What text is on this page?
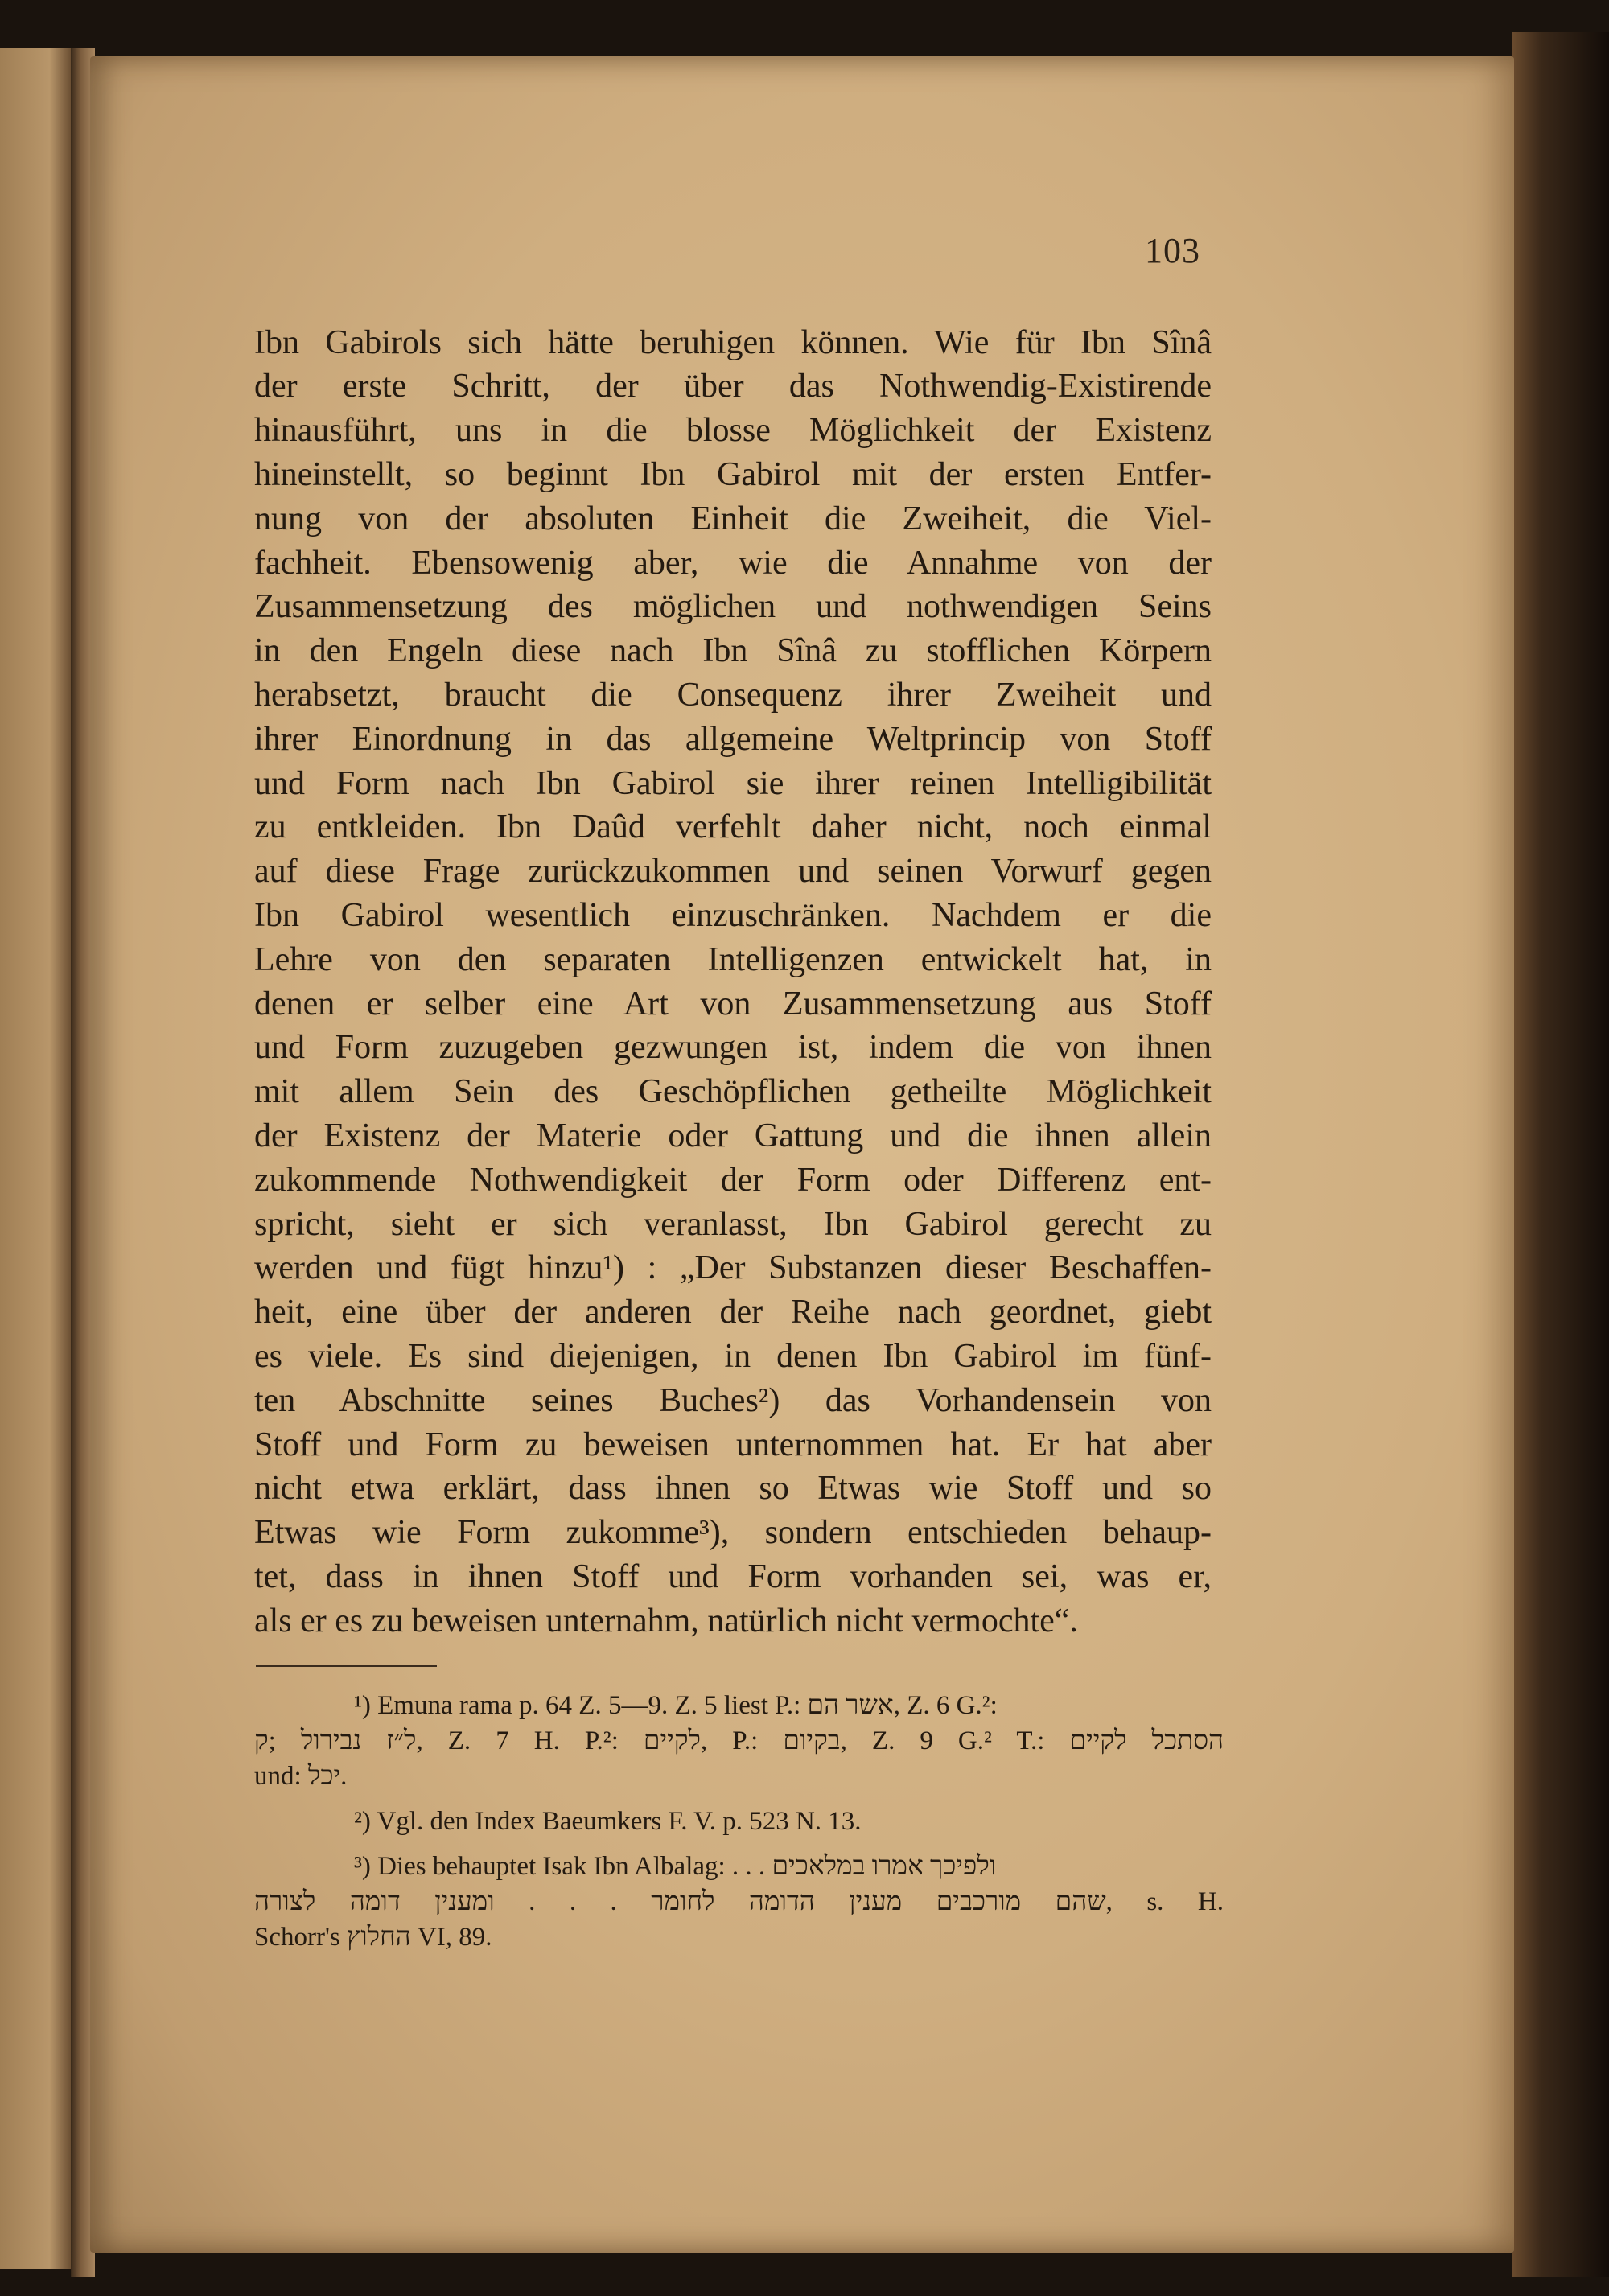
103
Ibn Gabirols sich hätte beruhigen können. Wie für Ibn Sînâ
der erste Schritt, der über das Nothwendig-Existirende
hinausführt, uns in die blosse Möglichkeit der Existenz
hineinstellt, so beginnt Ibn Gabirol mit der ersten Entfer-
nung von der absoluten Einheit die Zweiheit, die Viel-
fachheit. Ebensowenig aber, wie die Annahme von der
Zusammensetzung des möglichen und nothwendigen Seins
in den Engeln diese nach Ibn Sînâ zu stofflichen Körpern
herabsetzt, braucht die Consequenz ihrer Zweiheit und
ihrer Einordnung in das allgemeine Weltprincip von Stoff
und Form nach Ibn Gabirol sie ihrer reinen Intelligibilität
zu entkleiden. Ibn Daûd verfehlt daher nicht, noch einmal
auf diese Frage zurückzukommen und seinen Vorwurf gegen
Ibn Gabirol wesentlich einzuschränken. Nachdem er die
Lehre von den separaten Intelligenzen entwickelt hat, in
denen er selber eine Art von Zusammensetzung aus Stoff
und Form zuzugeben gezwungen ist, indem die von ihnen
mit allem Sein des Geschöpflichen getheilte Möglichkeit
der Existenz der Materie oder Gattung und die ihnen allein
zukommende Nothwendigkeit der Form oder Differenz ent-
spricht, sieht er sich veranlasst, Ibn Gabirol gerecht zu
werden und fügt hinzu¹) : „Der Substanzen dieser Beschaffen-
heit, eine über der anderen der Reihe nach geordnet, giebt
es viele. Es sind diejenigen, in denen Ibn Gabirol im fünf-
ten Abschnitte seines Buches²) das Vorhandensein von
Stoff und Form zu beweisen unternommen hat. Er hat aber
nicht etwa erklärt, dass ihnen so Etwas wie Stoff und so
Etwas wie Form zukomme³), sondern entschieden behaup-
tet, dass in ihnen Stoff und Form vorhanden sei, was er,
als er es zu beweisen unternahm, natürlich nicht vermochte“.
¹) Emuna rama p. 64 Z. 5—9. Z. 5 liest P.: אשר הם, Z. 6 G.²:
ל״ז נבירול ;ק, Z. 7 H. P.²: לקיים, P.: בקיום, Z. 9 G.² T.: הסתכל לקיים
und: יכל.
²) Vgl. den Index Baeumkers F. V. p. 523 N. 13.
³) Dies behauptet Isak Ibn Albalag: . . . ולפיכך אמרו במלאכים
שהם מורכבים מענין הדומה לחומר . . . ומענין דומה לצורה, s. H.
Schorr's החלוץ VI, 89.
